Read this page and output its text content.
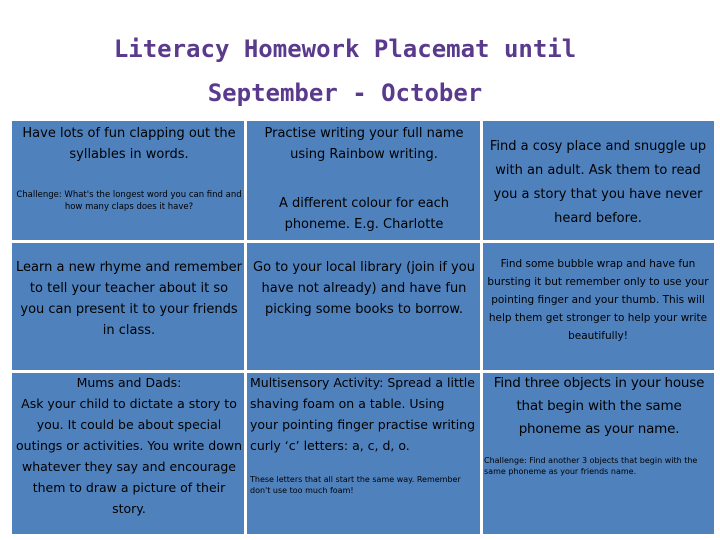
Literacy Homework Placemat until
September - October
Have lots of fun clapping out the syllables in words.
Challenge: What's the longest word you can find and how many claps does it have?
Practise writing your full name using Rainbow writing.
A different colour for each phoneme. E.g. Charlotte
Find a cosy place and snuggle up with an adult. Ask them to read you a story that you have never heard before.
Learn a new rhyme and remember to tell your teacher about it so you can present it to your friends in class.
Go to your local library (join if you have not already) and have fun picking some books to borrow.
Find some bubble wrap and have fun bursting it but remember only to use your pointing finger and your thumb. This will help them get stronger to help your write beautifully!
Mums and Dads:
Ask your child to dictate a story to you. It could be about special outings or activities. You write down whatever they say and encourage them to draw a picture of their story.
Multisensory Activity: Spread a little shaving foam on a table. Using your pointing finger practise writing curly ‘c’ letters: a, c, d, o.
These letters that all start the same way. Remember don't use too much foam!
Find three objects in your house that begin with the same phoneme as your name.
Challenge: Find another 3 objects that begin with the same phoneme as your friends name.
